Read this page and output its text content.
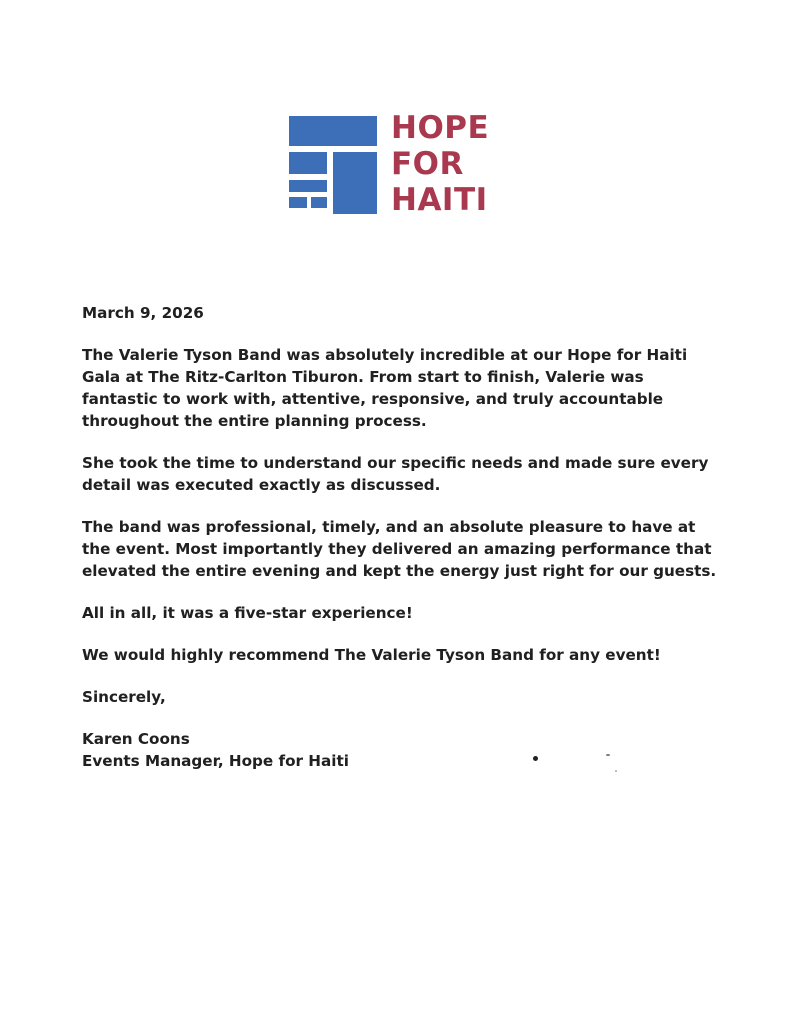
HOPE
FOR
HAITI

March 9, 2026

The Valerie Tyson Band was absolutely incredible at our Hope for Haiti Gala at The Ritz-Carlton Tiburon. From start to finish, Valerie was fantastic to work with, attentive, responsive, and truly accountable throughout the entire planning process.

She took the time to understand our specific needs and made sure every detail was executed exactly as discussed.

The band was professional, timely, and an absolute pleasure to have at the event. Most importantly they delivered an amazing performance that elevated the entire evening and kept the energy just right for our guests.

All in all, it was a five-star experience!

We would highly recommend The Valerie Tyson Band for any event!

Sincerely,

Karen Coons
Events Manager, Hope for Haiti
